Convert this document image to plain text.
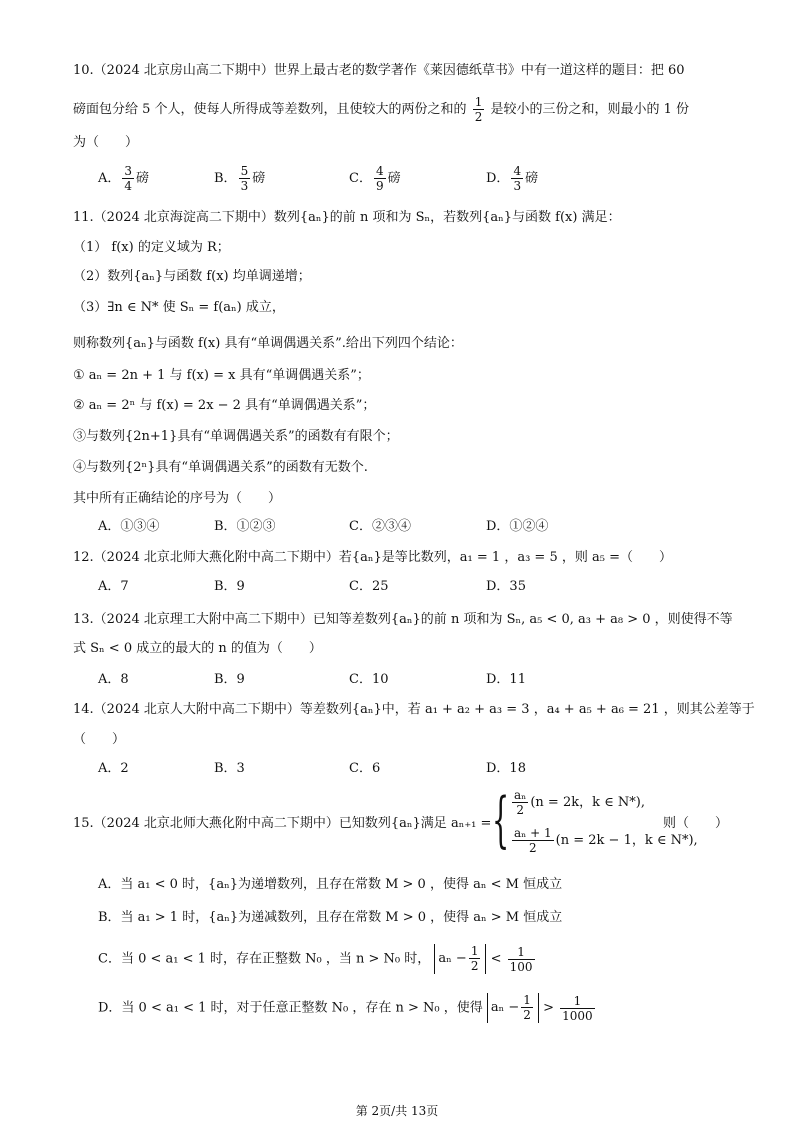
10.（2024 北京房山高二下期中）世界上最古老的数学著作《莱因德纸草书》中有一道这样的题目：把 60
磅面包分给 5 个人，使每人所得成等差数列，且使较大的两份之和的 $\frac{1}{2}$ 是较小的三份之和，则最小的 1 份
为（　　）
A． $\frac{3}{4}$ 磅	B． $\frac{5}{3}$ 磅	C． $\frac{4}{9}$ 磅	D． $\frac{4}{3}$ 磅
11.（2024 北京海淀高二下期中）数列{aₙ}的前 n 项和为 Sₙ，若数列{aₙ}与函数 f(x) 满足：
（1） f(x) 的定义域为 R；
（2）数列{aₙ}与函数 f(x) 均单调递增；
（3）∃n ∈ N* 使 Sₙ = f(aₙ) 成立，
则称数列{aₙ}与函数 f(x) 具有“单调偶遇关系”.给出下列四个结论：
① aₙ = 2n + 1 与 f(x) = x 具有“单调偶遇关系”；
② aₙ = 2ⁿ 与 f(x) = 2x − 2 具有“单调偶遇关系”；
③与数列{2n+1}具有“单调偶遇关系”的函数有有限个；
④与数列{2ⁿ}具有“单调偶遇关系”的函数有无数个.
其中所有正确结论的序号为（　　）
A．①③④	B．①②③	C．②③④	D．①②④
12.（2024 北京北师大燕化附中高二下期中）若{aₙ}是等比数列，a₁ = 1 ，a₃ = 5 ，则 a₅ =（　　）
A．7	B．9	C．25	D．35
13.（2024 北京理工大附中高二下期中）已知等差数列{aₙ}的前 n 项和为 Sₙ, a₅ < 0, a₃ + a₈ > 0 ，则使得不等
式 Sₙ < 0 成立的最大的 n 的值为（　　）
A．8	B．9	C．10	D．11
14.（2024 北京人大附中高二下期中）等差数列{aₙ}中，若 a₁ + a₂ + a₃ = 3 ，a₄ + a₅ + a₆ = 21 ，则其公差等于
（　　）
A．2	B．3	C．6	D．18
15.（2024 北京北师大燕化附中高二下期中）已知数列{aₙ}满足 aₙ₊₁ = { $\frac{\text{aₙ}}{2} (n = 2k$，k ∈ N*),
$\frac{\text{aₙ + 1}}{2} (n = 2k - 1$，k ∈ N*),
则（　　）
A．当 a₁ < 0 时，{aₙ}为递增数列，且存在常数 M > 0 ，使得 aₙ < M 恒成立
B．当 a₁ > 1 时，{aₙ}为递减数列，且存在常数 M > 0 ，使得 aₙ > M 恒成立
C．当 0 < a₁ < 1 时，存在正整数 N₀ ，当 n > N₀ 时， $a_n - \frac{1}{2} < \frac{1}{100}$
D．当 0 < a₁ < 1 时，对于任意正整数 N₀ ，存在 n > N₀ ，使得 $a_n - \frac{1}{2} > \frac{1}{1000}$
第 2页/共 13页
